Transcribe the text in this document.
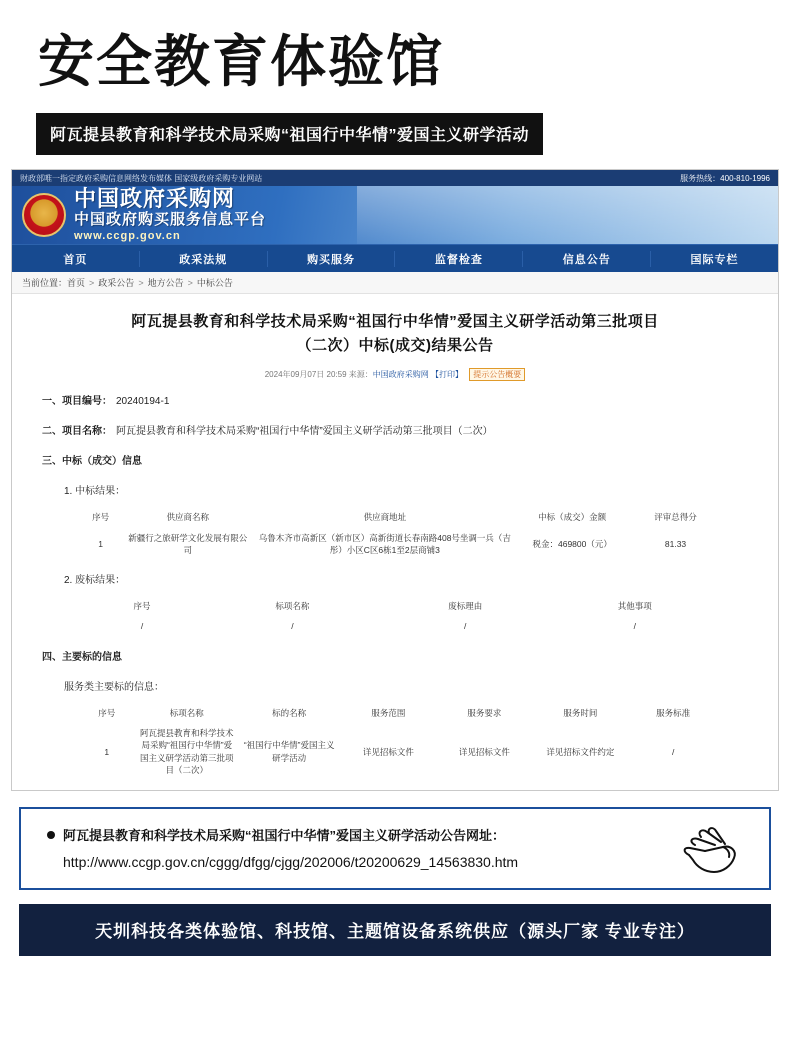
安全教育体验馆
阿瓦提县教育和科学技术局采购“祖国行中华情”爱国主义研学活动
财政部唯一指定政府采购信息网络发布媒体 国家级政府采购专业网站	服务热线：400-810-1996
中国政府采购网
中国政府购买服务信息平台
www.ccgp.gov.cn
首页	政采法规	购买服务	监督检查	信息公告	国际专栏
当前位置： 首页 > 政采公告 > 地方公告 > 中标公告
阿瓦提县教育和科学技术局采购“祖国行中华情”爱国主义研学活动第三批项目
（二次）中标(成交)结果公告
2024年09月07日 20:59 来源：中国政府采购网 【打印】 提示公告概要
一、项目编号： 20240194-1
二、项目名称： 阿瓦提县教育和科学技术局采购“祖国行中华情”爱国主义研学活动第三批项目（二次）
三、中标（成交）信息
1. 中标结果：
序号	供应商名称	供应商地址	中标（成交）金额	评审总得分
1	新疆行之旅研学文化发展有限公司	乌鲁木齐市高新区（新市区）高新街道长春南路408号坐调一兵（吉彤）小区C区6栋1至2层商铺3	税金：469800（元）	81.33
2. 废标结果：
序号	标项名称	废标理由	其他事项
/	/	/	/
四、主要标的信息
服务类主要标的信息：
序号	标项名称	标的名称	服务范围	服务要求	服务时间	服务标准
1	阿瓦提县教育和科学技术局采购“祖国行中华情”爱国主义研学活动第三批项目（二次）	“祖国行中华情”爱国主义研学活动	详见招标文件	详见招标文件	详见招标文件约定	/
阿瓦提县教育和科学技术局采购“祖国行中华情”爱国主义研学活动公告网址：
http://www.ccgp.gov.cn/cggg/dfgg/cjgg/202006/t20200629_14563830.htm
天圳科技各类体验馆、科技馆、主题馆设备系统供应（源头厂家 专业专注）
